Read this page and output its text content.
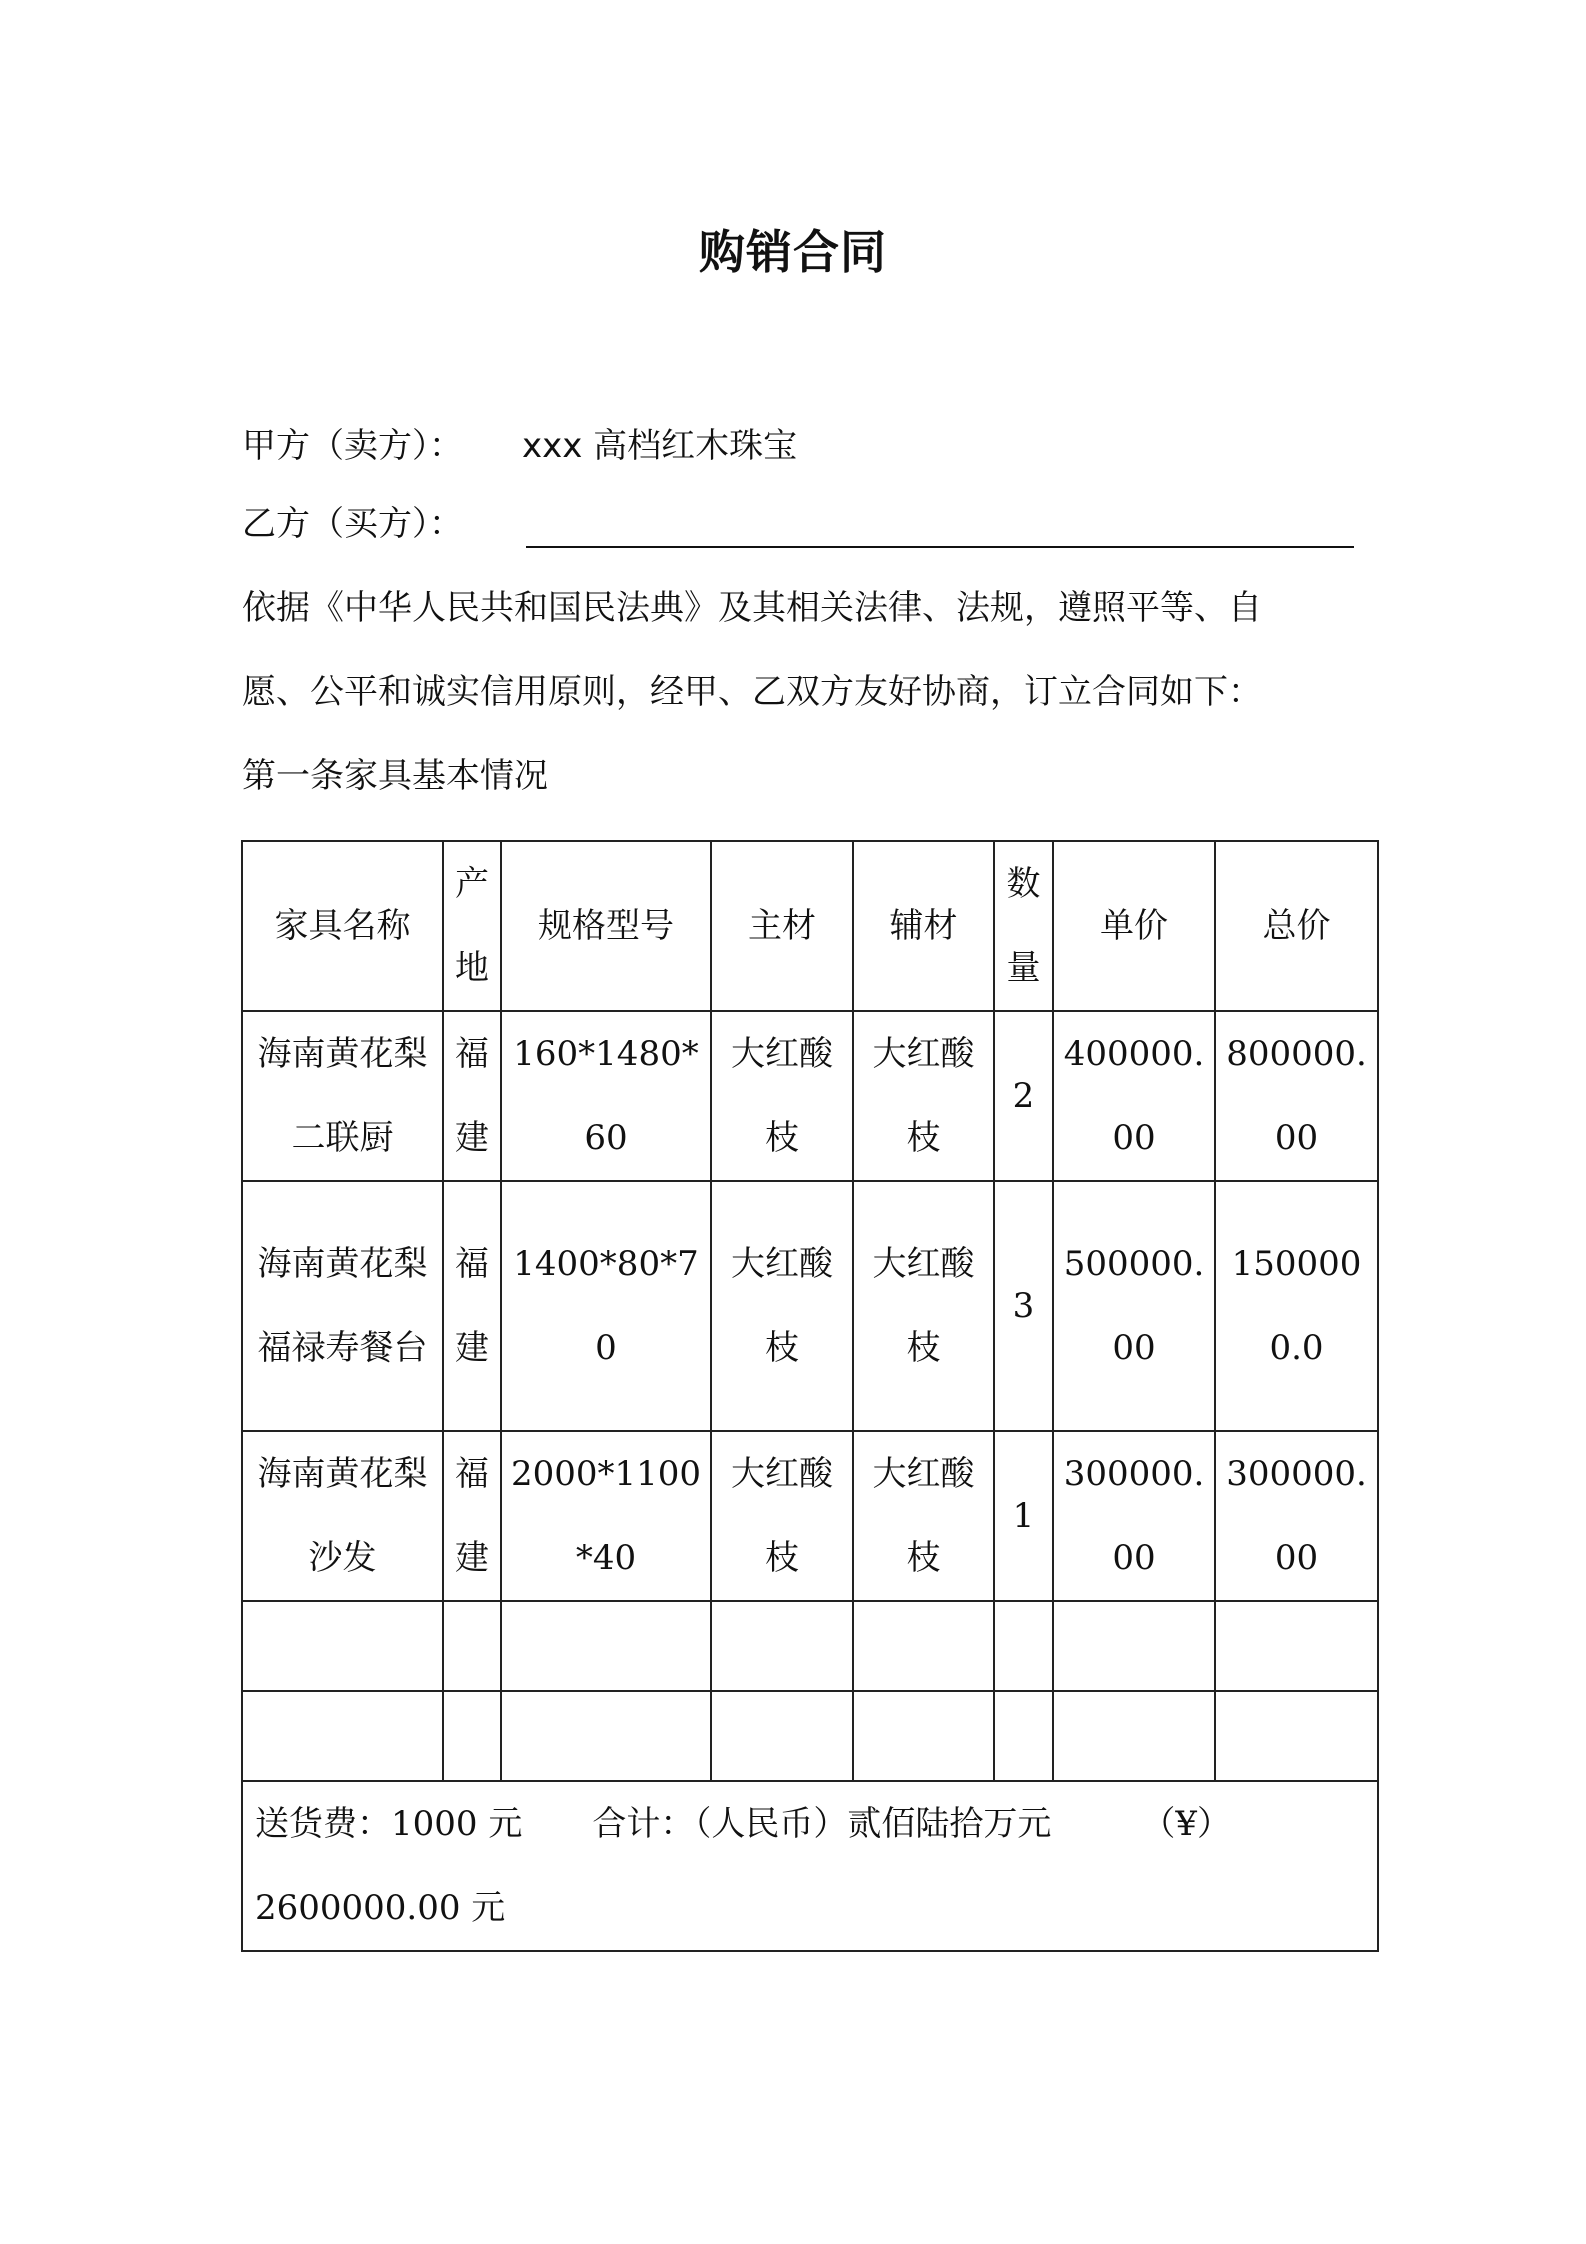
购销合同
甲方（卖方）： xxx 高档红木珠宝
乙方（买方）：
依据《中华人民共和国民法典》及其相关法律、法规，遵照平等、自
愿、公平和诚实信用原则，经甲、乙双方友好协商，订立合同如下：
第一条家具基本情况
家具名称	产地	规格型号	主材	辅材	数量	单价	总价
海南黄花梨二联厨	福建	160*1480*60	大红酸枝	大红酸枝	2	400000.00	800000.00
海南黄花梨福禄寿餐台	福建	1400*80*70	大红酸枝	大红酸枝	3	500000.00	1500000.0
海南黄花梨沙发	福建	2000*1100*40	大红酸枝	大红酸枝	1	300000.00	300000.00

送货费：1000 元 合计：（人民币）贰佰陆拾万元 （¥）
2600000.00 元							
